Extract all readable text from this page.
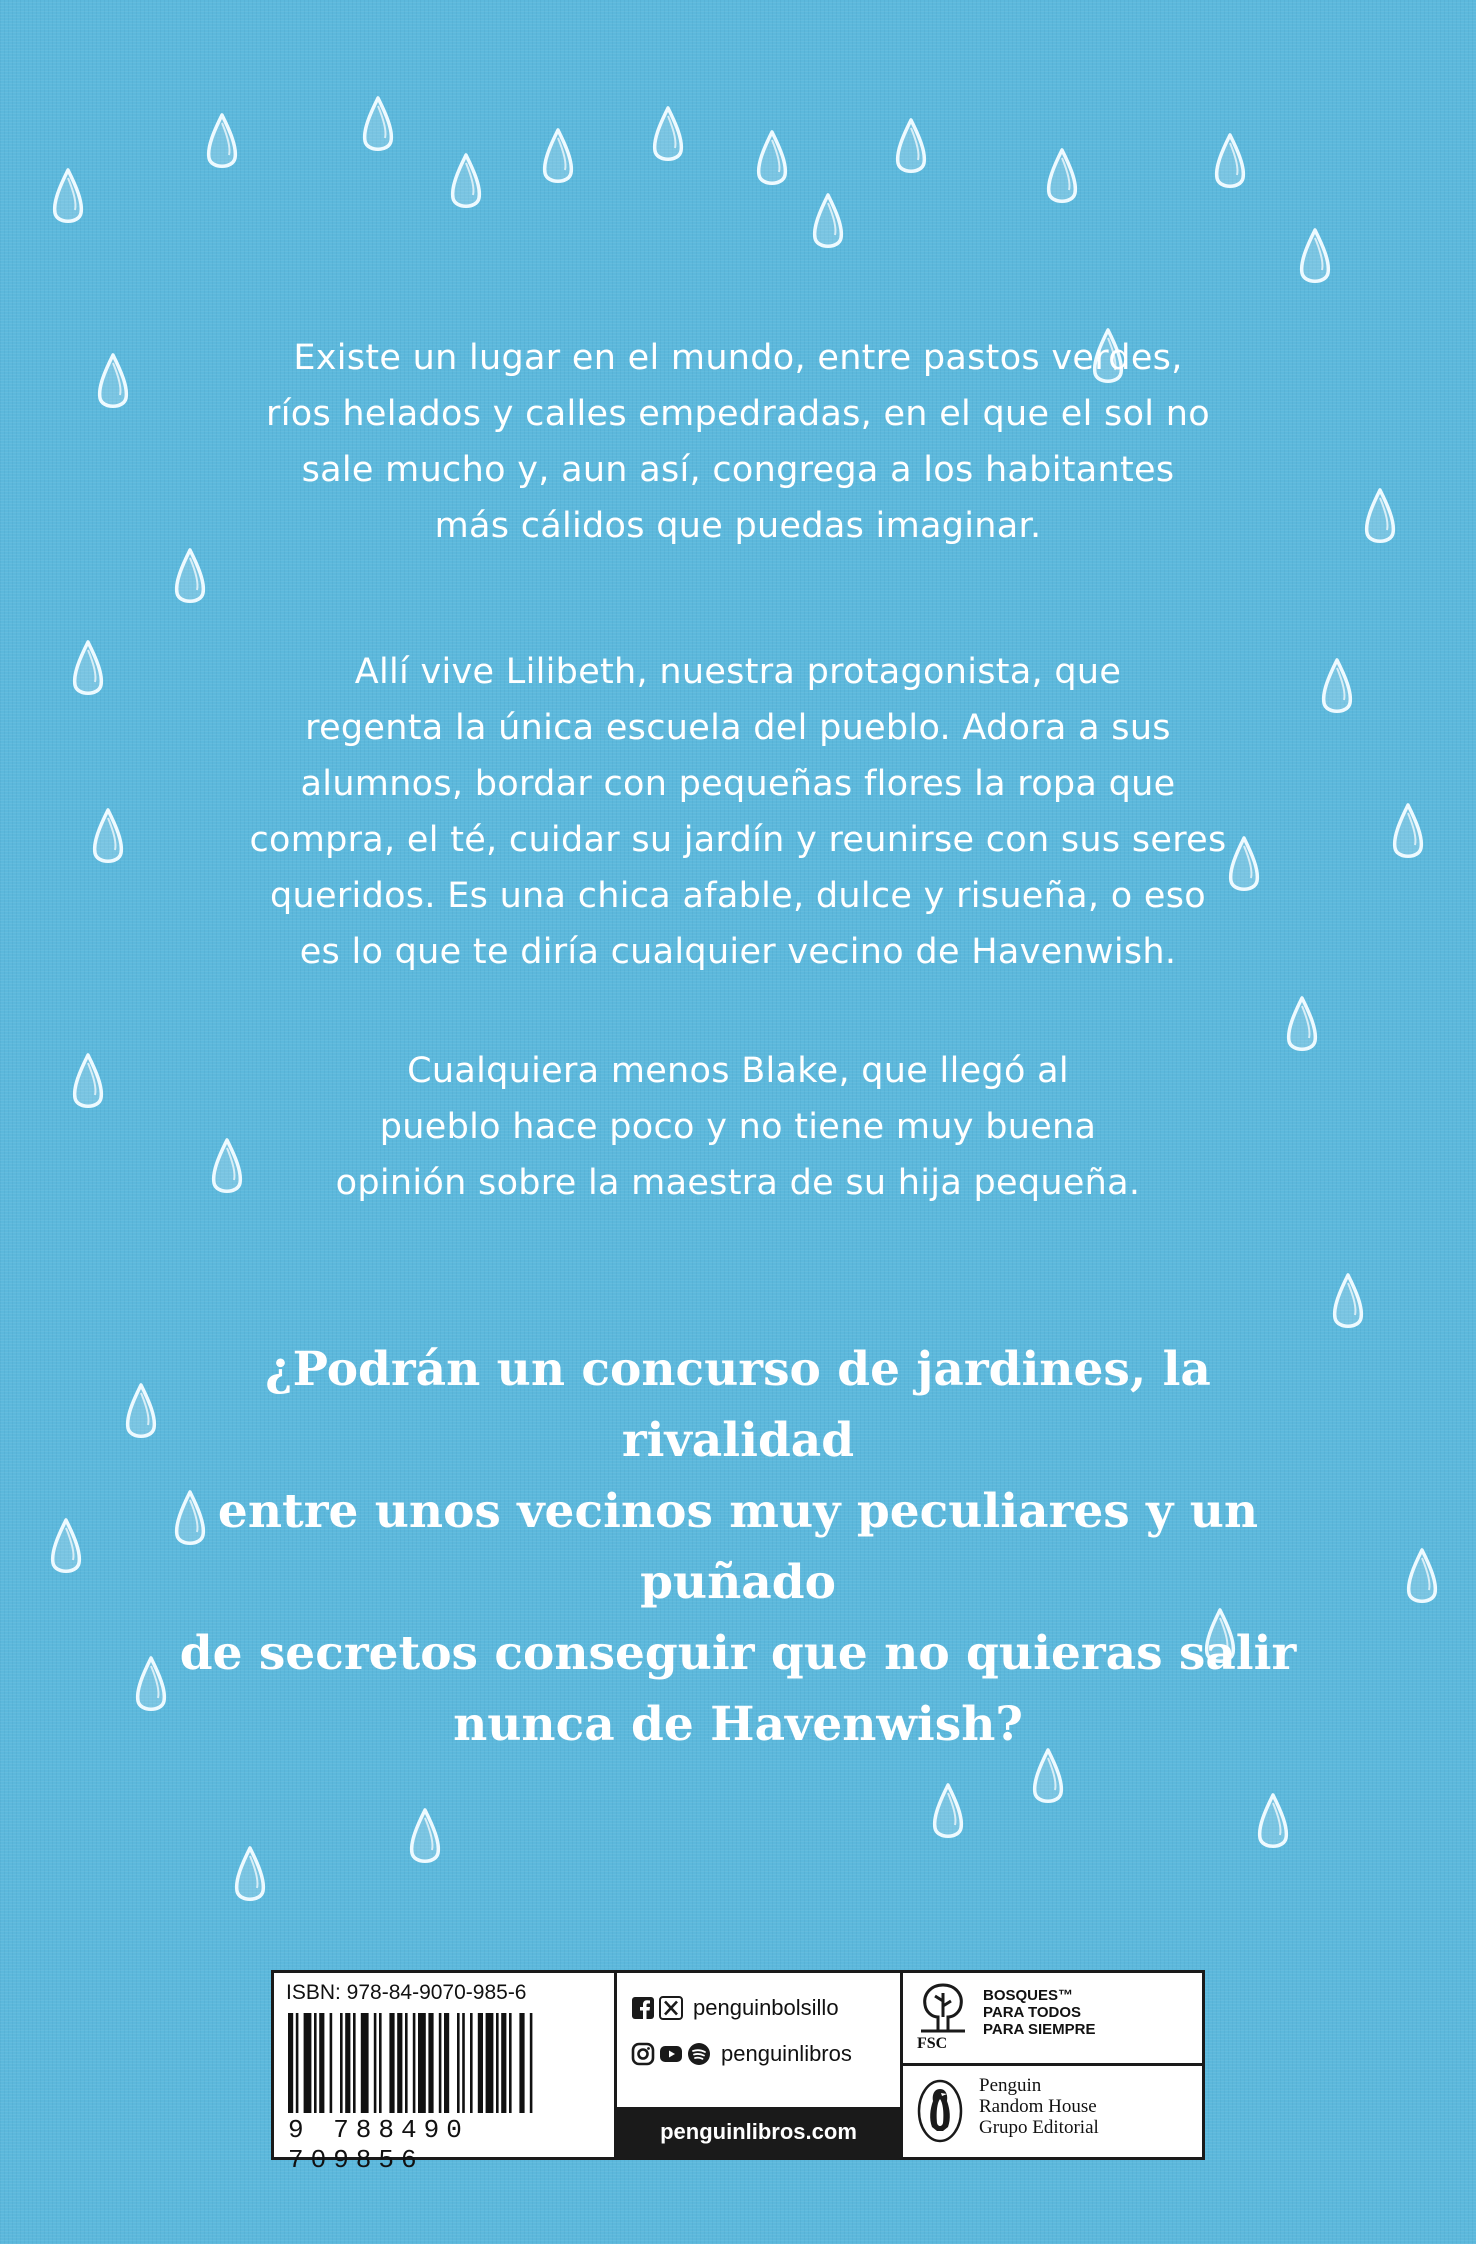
Existe un lugar en el mundo, entre pastos verdes,

ríos helados y calles empedradas, en el que el sol no

sale mucho y, aun así, congrega a los habitantes

más cálidos que puedas imaginar.

Allí vive Lilibeth, nuestra protagonista, que

regenta la única escuela del pueblo. Adora a sus

alumnos, bordar con pequeñas flores la ropa que

compra, el té, cuidar su jardín y reunirse con sus seres

queridos. Es una chica afable, dulce y risueña, o eso

es lo que te diría cualquier vecino de Havenwish.

Cualquiera menos Blake, que llegó al

pueblo hace poco y no tiene muy buena

opinión sobre la maestra de su hija pequeña.

¿Podrán un concurso de jardines, la rivalidad
entre unos vecinos muy peculiares y un puñado
de secretos conseguir que no quieras salir
nunca de Havenwish?
ISBN: 978-84-9070-985-6
9 788490 709856
penguinbolsillo
penguinlibros
penguinlibros.com
FSC
BOSQUES™
PARA TODOS
PARA SIEMPRE
Penguin
Random House
Grupo Editorial
